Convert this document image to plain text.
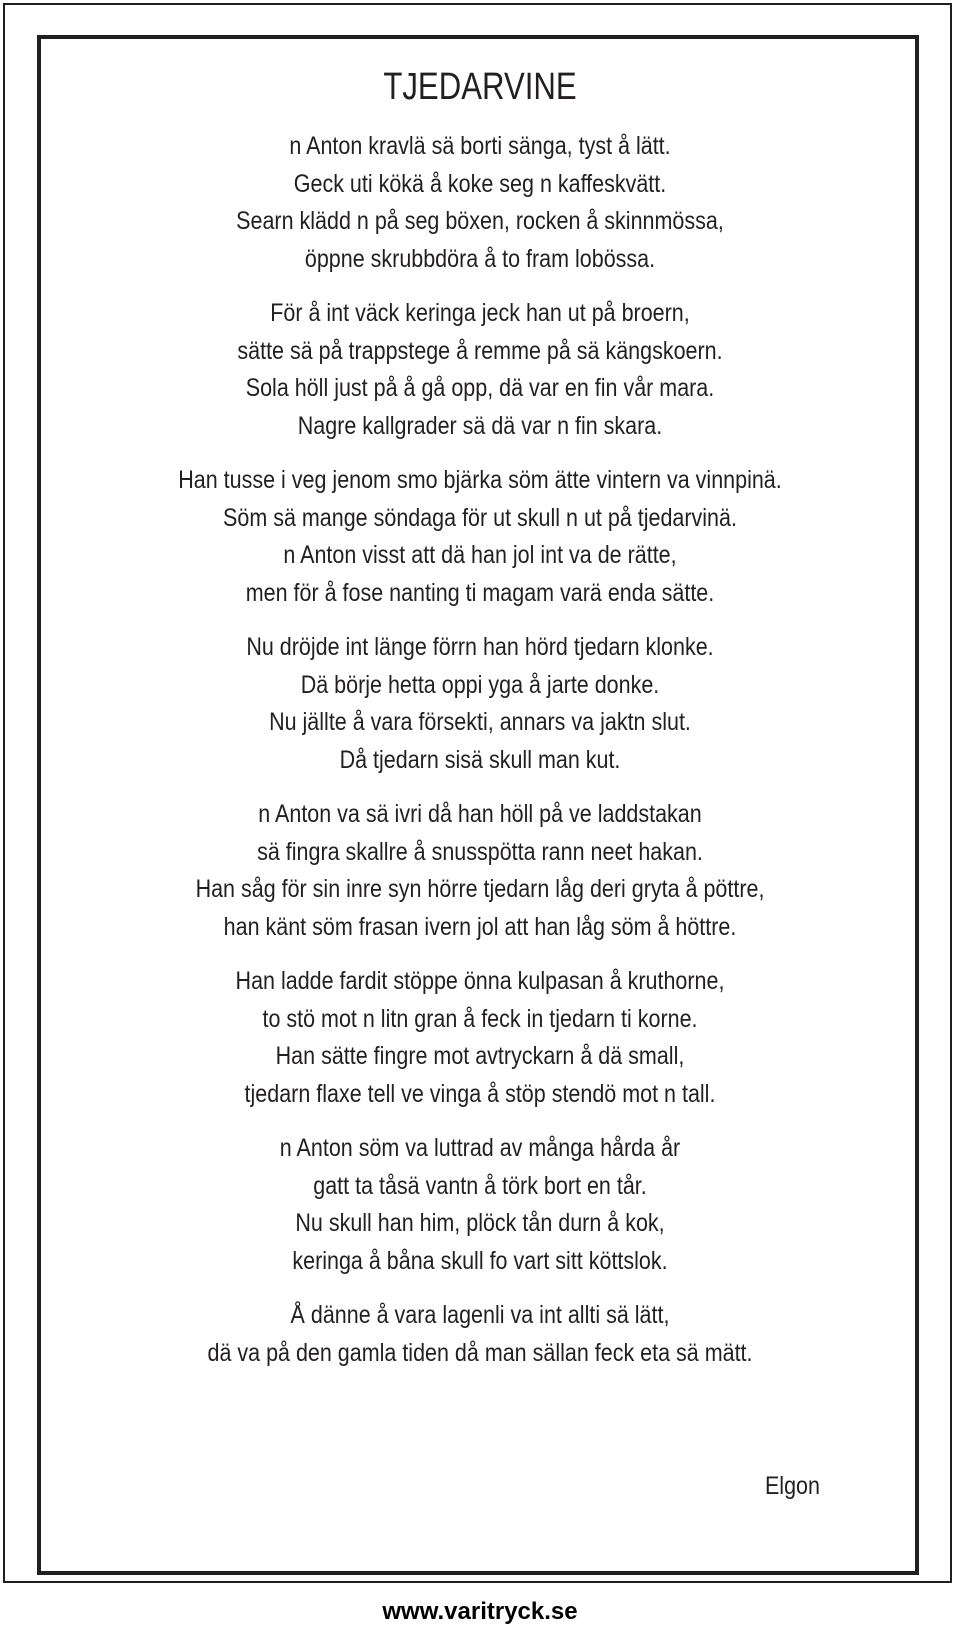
TJEDARVINE
n Anton kravlä sä borti sänga, tyst å lätt.
Geck uti kökä å koke seg n kaffeskvätt.
Searn klädd n på seg böxen, rocken å skinnmössa,
öppne skrubbdöra å to fram lobössa.
För å int väck keringa jeck han ut på broern,
sätte sä på trappstege å remme på sä kängskoern.
Sola höll just på å gå opp, dä var en fin vår mara.
Nagre kallgrader sä dä var n fin skara.
Han tusse i veg jenom smo bjärka söm ätte vintern va vinnpinä.
Söm sä mange söndaga för ut skull n ut på tjedarvinä.
n Anton visst att dä han jol int va de rätte,
men för å fose nanting ti magam varä enda sätte.
Nu dröjde int länge förrn han hörd tjedarn klonke.
Dä börje hetta oppi yga å jarte donke.
Nu jällte å vara försekti, annars va jaktn slut.
Då tjedarn sisä skull man kut.
n Anton va sä ivri då han höll på ve laddstakan
sä fingra skallre å snusspötta rann neet hakan.
Han såg för sin inre syn hörre tjedarn låg deri gryta å pöttre,
han känt söm frasan ivern jol att han låg söm å höttre.
Han ladde fardit stöppe önna kulpasan å kruthorne,
to stö mot n litn gran å feck in tjedarn ti korne.
Han sätte fingre mot avtryckarn å dä small,
tjedarn flaxe tell ve vinga å stöp stendö mot n tall.
n Anton söm va luttrad av många hårda år
gatt ta tåsä vantn å törk bort en tår.
Nu skull han him, plöck tån durn å kok,
keringa å båna skull fo vart sitt köttslok.
Å dänne å vara lagenli va int allti sä lätt,
dä va på den gamla tiden då man sällan feck eta sä mätt.
Elgon
www.varitryck.se
